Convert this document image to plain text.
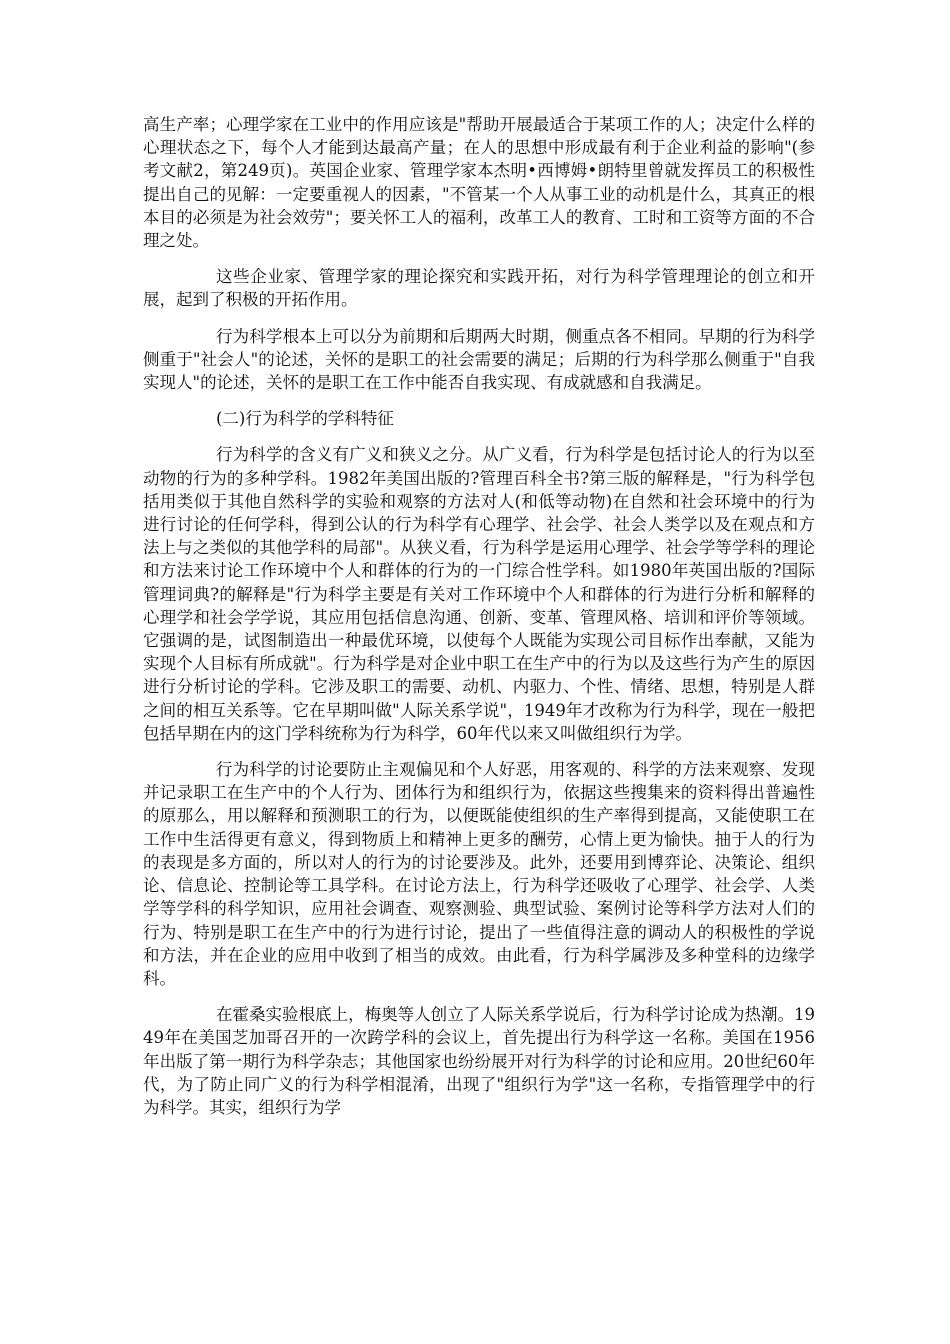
高生产率；心理学家在工业中的作用应该是"帮助开展最适合于某项工作的人；决定什么样的心理状态之下，每个人才能到达最高产量；在人的思想中形成最有利于企业利益的影响"(参考文献2，第249页)。英国企业家、管理学家本杰明•西博姆•朗特里曾就发挥员工的积极性提出自己的见解：一定要重视人的因素，"不管某一个人从事工业的动机是什么，其真正的根本目的必须是为社会效劳"；要关怀工人的福利，改革工人的教育、工时和工资等方面的不合理之处。

这些企业家、管理学家的理论探究和实践开拓，对行为科学管理理论的创立和开展，起到了积极的开拓作用。

行为科学根本上可以分为前期和后期两大时期，侧重点各不相同。早期的行为科学侧重于"社会人"的论述，关怀的是职工的社会需要的满足；后期的行为科学那么侧重于"自我实现人"的论述，关怀的是职工在工作中能否自我实现、有成就感和自我满足。

(二)行为科学的学科特征

行为科学的含义有广义和狭义之分。从广义看，行为科学是包括讨论人的行为以至动物的行为的多种学科。1982年美国出版的?管理百科全书?第三版的解释是，"行为科学包括用类似于其他自然科学的实验和观察的方法对人(和低等动物)在自然和社会环境中的行为进行讨论的任何学科，得到公认的行为科学有心理学、社会学、社会人类学以及在观点和方法上与之类似的其他学科的局部"。从狭义看，行为科学是运用心理学、社会学等学科的理论和方法来讨论工作环境中个人和群体的行为的一门综合性学科。如1980年英国出版的?国际管理词典?的解释是"行为科学主要是有关对工作环境中个人和群体的行为进行分析和解释的心理学和社会学学说，其应用包括信息沟通、创新、变革、管理风格、培训和评价等领域。它强调的是，试图制造出一种最优环境，以使每个人既能为实现公司目标作出奉献，又能为实现个人目标有所成就"。行为科学是对企业中职工在生产中的行为以及这些行为产生的原因进行分析讨论的学科。它涉及职工的需要、动机、内驱力、个性、情绪、思想，特别是人群之间的相互关系等。它在早期叫做"人际关系学说"，1949年才改称为行为科学，现在一般把包括早期在内的这门学科统称为行为科学，60年代以来又叫做组织行为学。

行为科学的讨论要防止主观偏见和个人好恶，用客观的、科学的方法来观察、发现并记录职工在生产中的个人行为、团体行为和组织行为，依据这些搜集来的资料得出普遍性的原那么，用以解释和预测职工的行为，以便既能使组织的生产率得到提高，又能使职工在工作中生活得更有意义，得到物质上和精神上更多的酬劳，心情上更为愉快。抽于人的行为的表现是多方面的，所以对人的行为的讨论要涉及。此外，还要用到博弈论、决策论、组织论、信息论、控制论等工具学科。在讨论方法上，行为科学还吸收了心理学、社会学、人类学等学科的科学知识，应用社会调查、观察测验、典型试验、案例讨论等科学方法对人们的行为、特别是职工在生产中的行为进行讨论，提出了一些值得注意的调动人的积极性的学说和方法，并在企业的应用中收到了相当的成效。由此看，行为科学属涉及多种堂科的边缘学科。

在霍桑实验根底上，梅奥等人创立了人际关系学说后，行为科学讨论成为热潮。1949年在美国芝加哥召开的一次跨学科的会议上，首先提出行为科学这一名称。美国在1956年出版了第一期行为科学杂志；其他国家也纷纷展开对行为科学的讨论和应用。20世纪60年代，为了防止同广义的行为科学相混淆，出现了"组织行为学"这一名称，专指管理学中的行为科学。其实，组织行为学
